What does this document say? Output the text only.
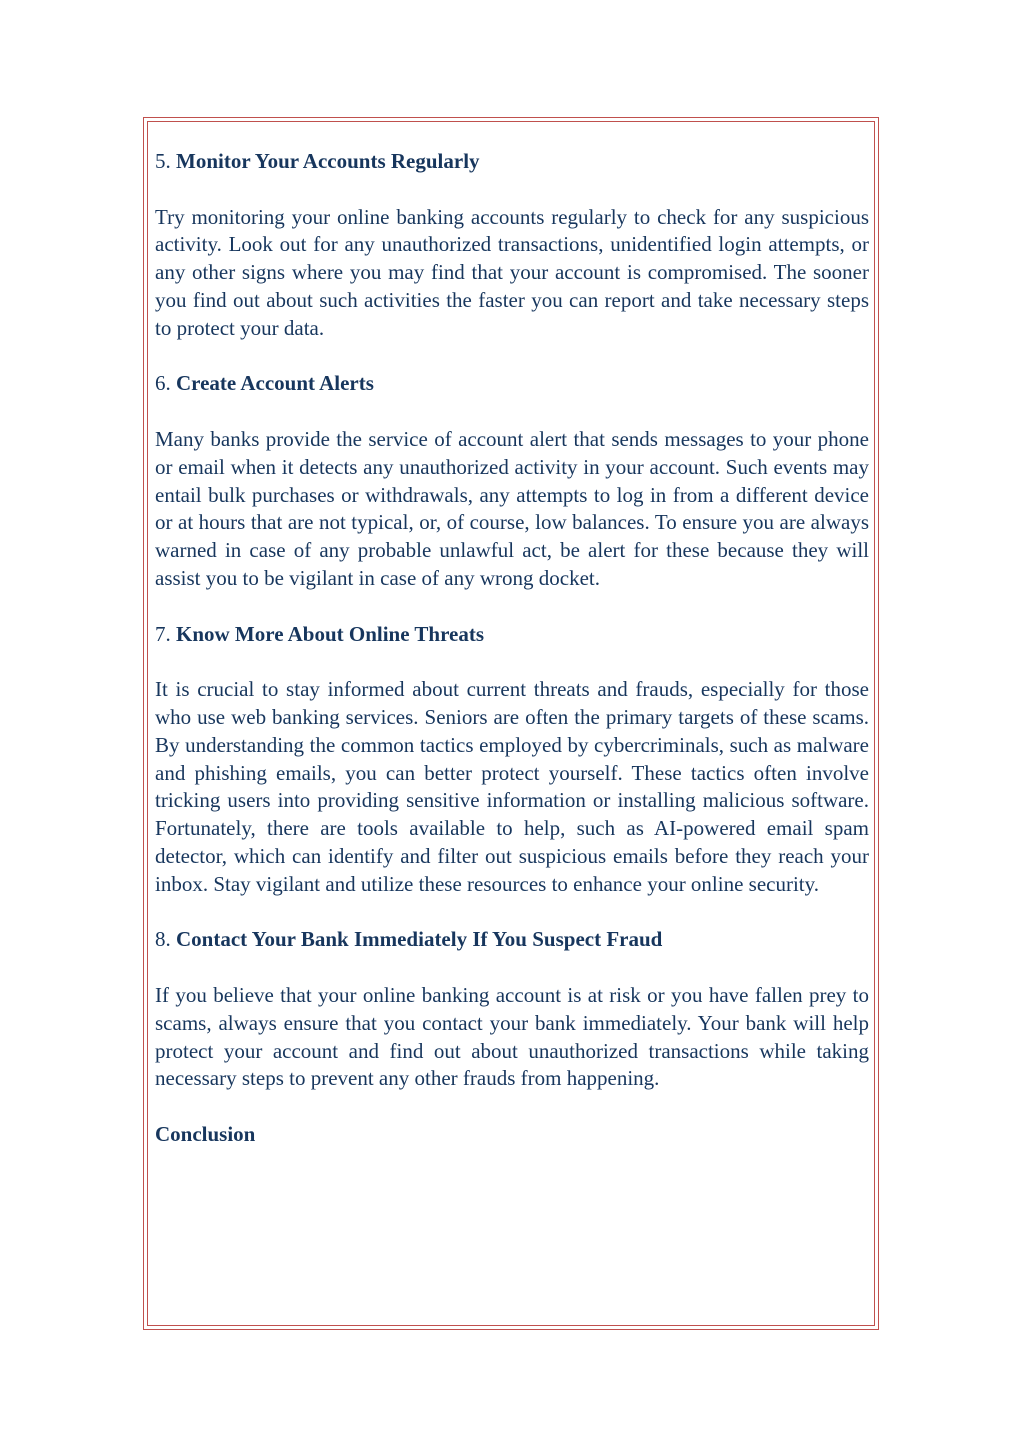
5. Monitor Your Accounts Regularly

Try monitoring your online banking accounts regularly to check for any suspicious activity. Look out for any unauthorized transactions, unidentified login attempts, or any other signs where you may find that your account is compromised. The sooner you find out about such activities the faster you can report and take necessary steps to protect your data.

6. Create Account Alerts

Many banks provide the service of account alert that sends messages to your phone or email when it detects any unauthorized activity in your account. Such events may entail bulk purchases or withdrawals, any attempts to log in from a different device or at hours that are not typical, or, of course, low balances. To ensure you are always warned in case of any probable unlawful act, be alert for these because they will assist you to be vigilant in case of any wrong docket.

7. Know More About Online Threats

It is crucial to stay informed about current threats and frauds, especially for those who use web banking services. Seniors are often the primary targets of these scams. By understanding the common tactics employed by cybercriminals, such as malware and phishing emails, you can better protect yourself. These tactics often involve tricking users into providing sensitive information or installing malicious software. Fortunately, there are tools available to help, such as AI-powered email spam detector, which can identify and filter out suspicious emails before they reach your inbox. Stay vigilant and utilize these resources to enhance your online security.

8. Contact Your Bank Immediately If You Suspect Fraud

If you believe that your online banking account is at risk or you have fallen prey to scams, always ensure that you contact your bank immediately. Your bank will help protect your account and find out about unauthorized transactions while taking necessary steps to prevent any other frauds from happening.

Conclusion
